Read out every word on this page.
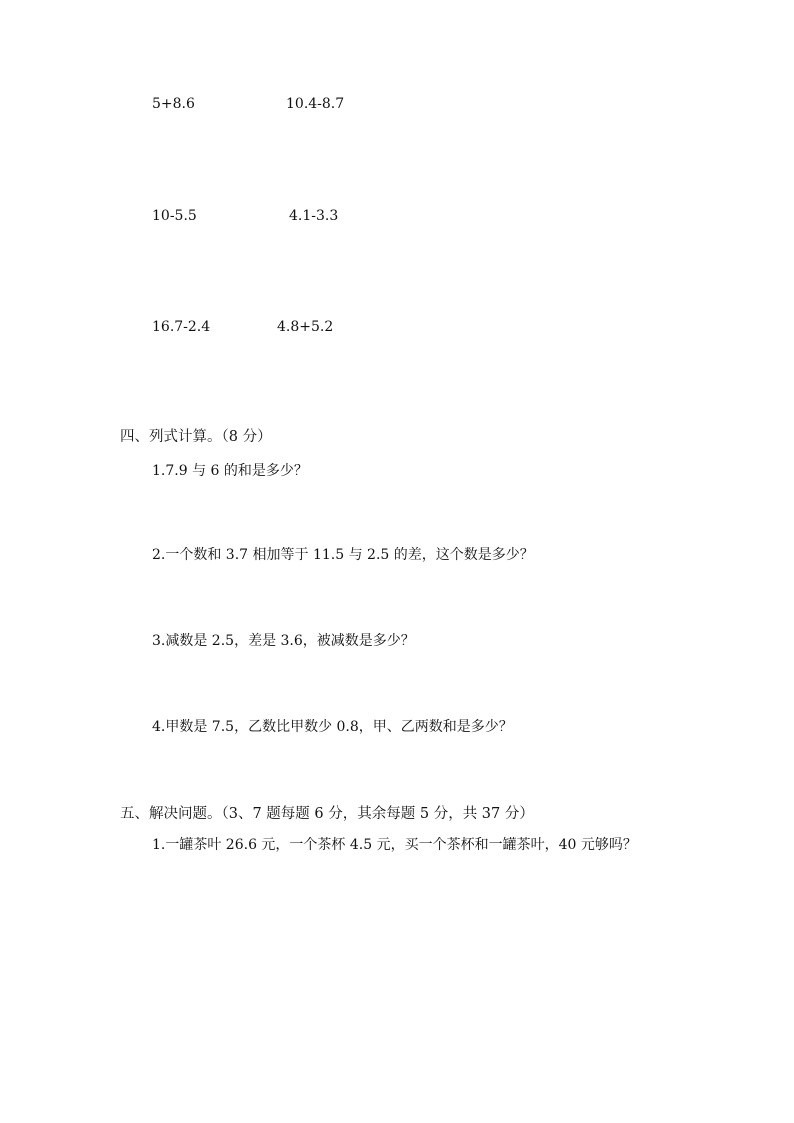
5+8.6	10.4-8.7
10-5.5	4.1-3.3
16.7-2.4	4.8+5.2
四、列式计算。（8 分）
1.7.9 与 6 的和是多少？
2.一个数和 3.7 相加等于 11.5 与 2.5 的差，这个数是多少？
3.减数是 2.5，差是 3.6，被减数是多少？
4.甲数是 7.5，乙数比甲数少 0.8，甲、乙两数和是多少？
五、解决问题。（3、7 题每题 6 分，其余每题 5 分，共 37 分）
1.一罐茶叶 26.6 元，一个茶杯 4.5 元，买一个茶杯和一罐茶叶，40 元够吗？
